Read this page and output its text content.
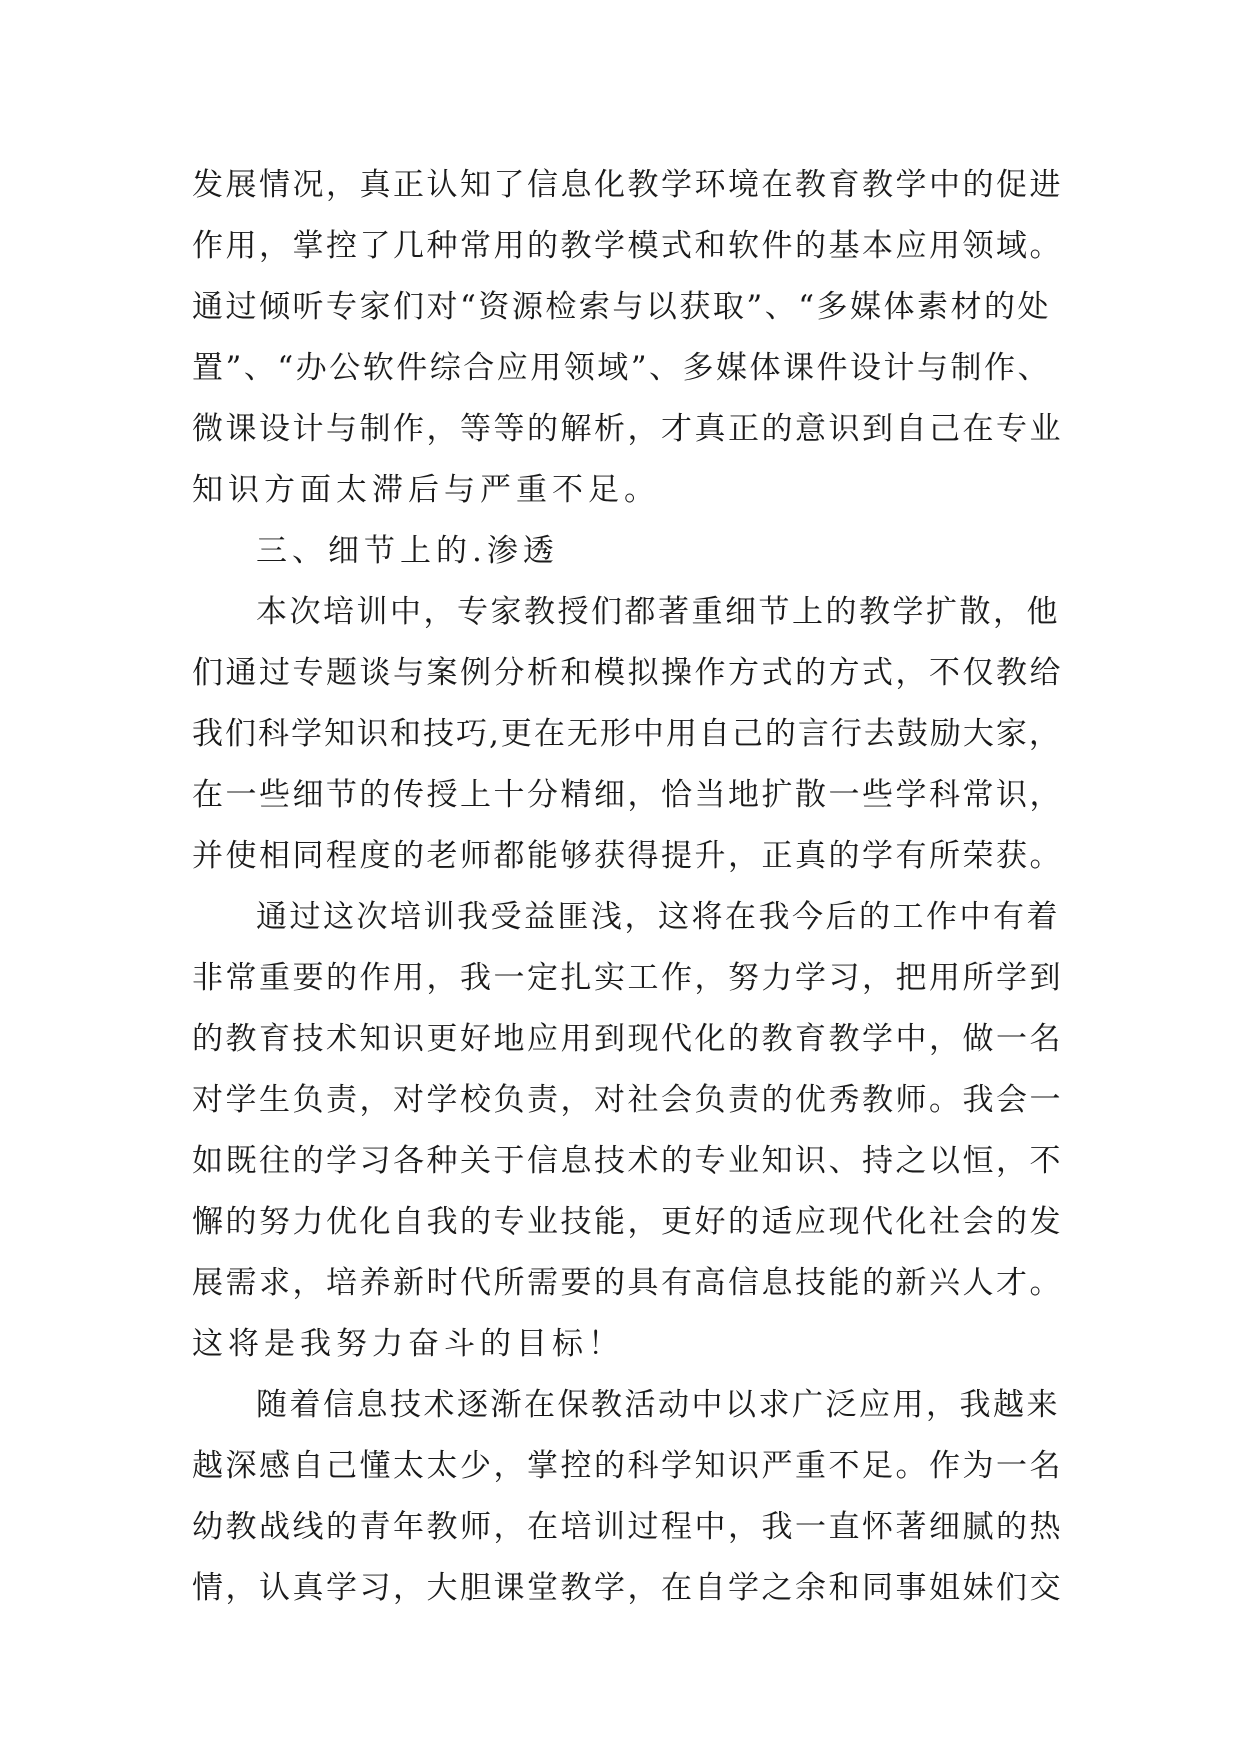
发展情况，真正认知了信息化教学环境在教育教学中的促进
作用，掌控了几种常用的教学模式和软件的基本应用领域。
通过倾听专家们对“资源检索与以获取”、“多媒体素材的处
置”、“办公软件综合应用领域”、多媒体课件设计与制作、
微课设计与制作，等等的解析，才真正的意识到自己在专业
知识方面太滞后与严重不足。
三、细节上的.渗透
本次培训中，专家教授们都著重细节上的教学扩散，他
们通过专题谈与案例分析和模拟操作方式的方式，不仅教给
我们科学知识和技巧,更在无形中用自己的言行去鼓励大家，
在一些细节的传授上十分精细，恰当地扩散一些学科常识，
并使相同程度的老师都能够获得提升，正真的学有所荣获。
通过这次培训我受益匪浅，这将在我今后的工作中有着
非常重要的作用，我一定扎实工作，努力学习，把用所学到
的教育技术知识更好地应用到现代化的教育教学中，做一名
对学生负责，对学校负责，对社会负责的优秀教师。我会一
如既往的学习各种关于信息技术的专业知识、持之以恒，不
懈的努力优化自我的专业技能，更好的适应现代化社会的发
展需求，培养新时代所需要的具有高信息技能的新兴人才。
这将是我努力奋斗的目标！
随着信息技术逐渐在保教活动中以求广泛应用，我越来
越深感自己懂太太少，掌控的科学知识严重不足。作为一名
幼教战线的青年教师，在培训过程中，我一直怀著细腻的热
情，认真学习，大胆课堂教学，在自学之余和同事姐妹们交
